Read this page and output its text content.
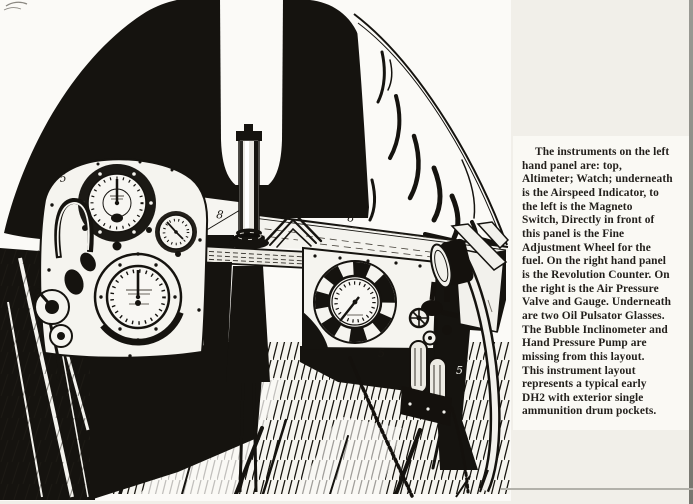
5
8	8
5
5
The instruments on the left
hand panel are: top,
Altimeter; Watch; underneath
is the Airspeed Indicator, to
the left is the Magneto
Switch, Directly in front of
this panel is the Fine
Adjustment Wheel for the
fuel. On the right hand panel
is the Revolution Counter. On
the right is the Air Pressure
Valve and Gauge. Underneath
are two Oil Pulsator Glasses.
The Bubble Inclinometer and
Hand Pressure Pump are
missing from this layout.
This instrument layout
represents a typical early
DH2 with exterior single
ammunition drum pockets.
